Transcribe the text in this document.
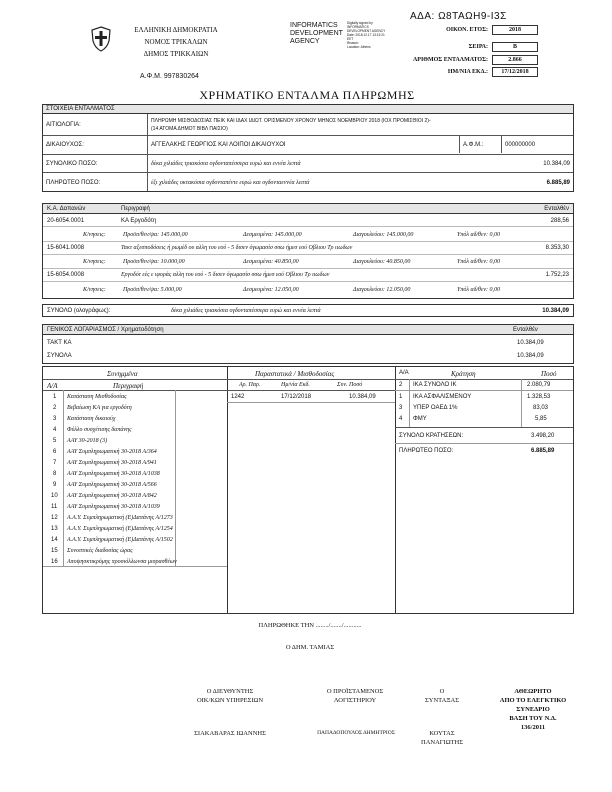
ΕΛΛΗΝΙΚΗ ΔΗΜΟΚΡΑΤΙΑ
ΝΟΜΟΣ ΤΡΙΚΑΛΩΝ
ΔΗΜΟΣ ΤΡΙΚΚΑΙΩΝ
Α.Φ.Μ. 997830264
INFORMATICS
DEVELOPMENT
AGENCY
Digitally signed by
INFORMATICS
DEVELOPMENT AGENCY
Date: 2018.12.17 13:13:21
EET
Reason:
Location: Athens
ΑΔΑ: Ω8ΤΑΩΗ9-Ι3Σ
ΟΙΚΟΝ. ΕΤΟΣ:	2018
ΣΕΙΡΑ:	Β
ΑΡΙΘΜΟΣ ΕΝΤΑΛΜΑΤΟΣ:	2.866
ΗΜ/ΝΙΑ ΕΚΔ.:	17/12/2018
ΧΡΗΜΑΤΙΚΟ ΕΝΤΑΛΜΑ ΠΛΗΡΩΜΗΣ
ΣΤΟΙΧΕΙΑ ΕΝΤΑΛΜΑΤΟΣ
ΑΙΤΙΟΛΟΓΙΑ:
ΠΛΗΡΩΜΗ ΜΙΣΘΟΔΟΣΙΑΣ ΠΕΙΚ ΚΑΙ ΙΔΑΧ ΙΔΙΩΤ. ΟΡΙΣΜΕΝΟΥ ΧΡΟΝΟΥ ΜΗΝΟΣ ΝΟΕΜΒΡΙΟΥ 2018 (ΙΟΧ ΠΡΟΜΙΣΘΙΟΙ 2)-
(14 ΑΤΟΜΑ ΔΗΜΟΤ ΒΙΒΛ ΠΑΙΣΙΟ)
ΔΙΚΑΙΟΥΧΟΣ:	ΑΓΓΕΛΑΚΗΣ ΓΕΩΡΓΙΟΣ ΚΑΙ ΛΟΙΠΟΙ ΔΙΚΑΙΟΥΧΟΙ	Α.Φ.Μ.:	000000000
ΣΥΝΟΛΙΚΟ ΠΟΣΟ:	δέκα χιλιάδες τριακόσια ογδονταπέσσερα ευρώ και εννέα λεπτά	10.384,09
ΠΛΗΡΩΤΕΟ ΠΟΣΟ:	έξι χιλιάδες οκτακόσια ογδονταπέντε ευρώ και ογδονταεννέα λεπτά	6.885,89
Κ.Α. Δαπανών	Περιγραφή	Ενταλθέν
20-6054.0001	ΚΑ Εργοδότη	288,56
Κ/νησεις:	Προϋπ/θεν/ψα: 145.000,00	Δεσμευμένα: 145.000,00	Διαγουλεύου: 145.000,00	Υπόλ αδ/θεν: 0,00
15-6041.0008	Τακτ αξεσποδόσεις ή ρωμέδ ου αλλη του εού - 5 δισεν όγωμασίσ σσω ήμεσ εού Οβλιου Τρ ιιωδων	8.353,30
Κ/νησεις:	Προϋπ/θεν/ψα: 10.000,00	Δεσμευμένα: 40.850,00	Διαγουλεύου: 40.850,00	Υπόλ αδ/θεν: 0,00
15-6054.0008	Εργοδότ εές ε ιφοράς αλλη του εού - 5 δισεν όγωμασίσ σσω ήμεσ εού Οβλιου Τρ ιιωδων	1.752,23
Κ/νησεις:	Προϋπ/θεν/ψα: 5.000,00	Δεσμευμένα: 12.050,00	Διαγουλεύου: 12.050,00	Υπόλ αδ/θεν: 0,00
ΣΥΝΟΛΟ (ολογράφως):	δέκα χιλιάδες τριακόσια ογδονταπέσσερα ευρώ και εννέα λεπτά	10.384,09
ΓΕΝΙΚΟΣ ΛΟΓΑΡΙΑΣΜΟΣ / Χρηματοδότηση	Ενταλθέν
ΤΑΚΤ ΚΑ	10.384,09
ΣΥΝΟΛΑ	10.384,09
Συνημμένα
Α/Α	Περιγραφή
1 Κατάσταση Μισθοδοσίας
2 Βεβαίωση ΚΑ για εργοδότη
3 Κατάσταση δικαιούχ
4 Φύλλο συσχέτισης δαπάνης
5 ΑΑΥ 30-2018 (3)
6 ΑΑΥ Συμπληρωματική 30-2018 Α/364
7 ΑΑΥ Συμπληρωματική 30-2018 Α/941
8 ΑΑΥ Συμπληρωματική 30-2018 Α/1038
9 ΑΑΥ Συμπληρωματική 30-2018 Α/566
10 ΑΑΥ Συμπληρωματική 30-2018 Α/842
11 ΑΑΥ Συμπληρωματική 30-2018 Α/1039
12 Α.Α.Υ. Συμπληρωματική (Ε)Δαπάνης Α/1273
13 Α.Α.Υ. Συμπληρωματική (Ε)Δαπάνης Α/1254
14 Α.Α.Υ. Συμπληρωματική (Ε)Δαπάνης Α/1502
15 Συνοπτικές διαδοσίας ώρας
16 Αποψησκτικρόμης προσιόλλωνσα μισρασθέων
Παραστατικά / Μισθοδοσίας
Αρ. Παρ.	Ημ/νία Εκδ.	Συν. Ποσό
1242	17/12/2018	10.384,09
Α/Α	Κράτηση	Ποσό
2 ΙΚΑ ΣΥΝΟΛΟ ΙΚ	2.080,79
1 ΙΚΑ ΑΣΦΑΛΙΣΜΕΝΟΥ	1.328,53
3 ΥΠΕΡ ΟΑΕΔ 1%	83,03
4 ΦΜΥ	5,85
ΣΥΝΟΛΟ ΚΡΑΤΗΣΕΩΝ:	3.498,20
ΠΛΗΡΩΤΕΟ ΠΟΣΟ:	6.885,89
ΠΛΗΡΩΘΗΚΕ ΤΗΝ ......../......./...........
Ο ΔΗΜ. ΤΑΜΙΑΣ
Ο ΔΙΕΥΘΥΝΤΗΣ
ΟΙΚ/ΚΩΝ ΥΠΗΡΕΣΙΩΝ
ΣΙΑΚΑΒΑΡΑΣ ΙΩΑΝΝΗΣ
Ο ΠΡΟΪΣΤΑΜΕΝΟΣ
ΛΟΓΙΣΤΗΡΙΟΥ
ΠΑΠΑΔΟΠΟΥΛΟΣ ΔΗΜΗΤΡΙΟΣ
Ο
ΣΥΝΤΑΞΑΣ
ΚΟΥΤΑΣ
ΠΑΝΑΓΙΩΤΗΣ
ΑΘΕΩΡΗΤΟ
ΑΠΟ ΤΟ ΕΛΕΓΚΤΙΚΟ
ΣΥΝΕΔΡΙΟ
ΒΑΣΗ ΤΟΥ Ν.Δ.
136/2011
